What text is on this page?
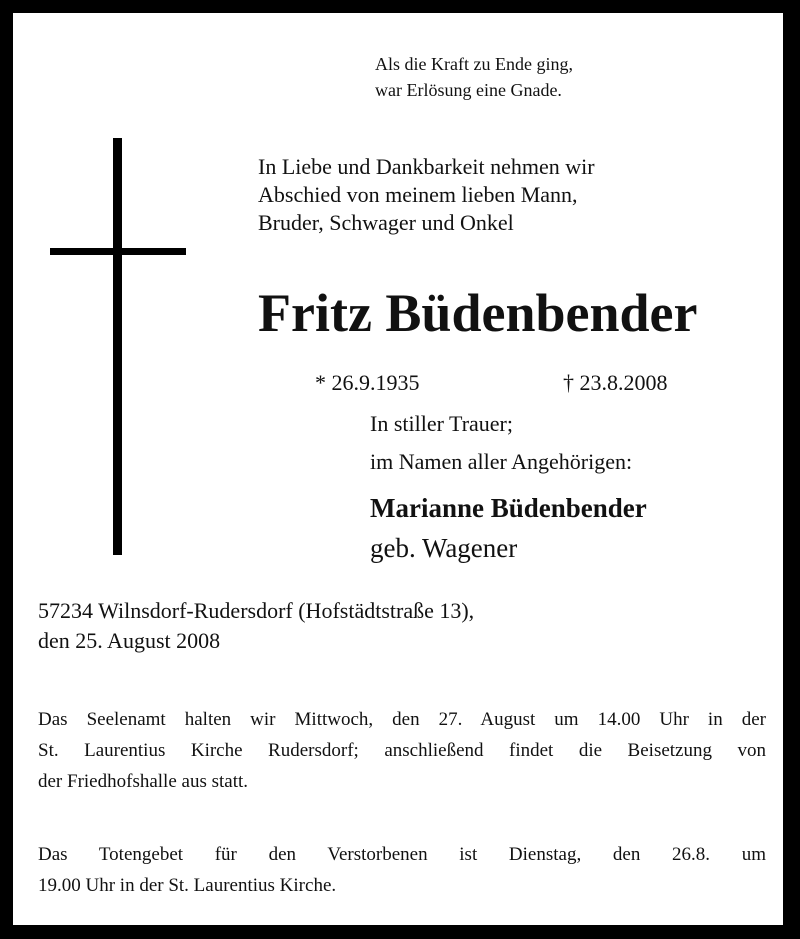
Als die Kraft zu Ende ging,
war Erlösung eine Gnade.
In Liebe und Dankbarkeit nehmen wir
Abschied von meinem lieben Mann,
Bruder, Schwager und Onkel
Fritz Büdenbender
* 26.9.1935	† 23.8.2008
In stiller Trauer;
im Namen aller Angehörigen:
Marianne Büdenbender
geb. Wagener
57234 Wilnsdorf-Rudersdorf (Hofstädtstraße 13),
den 25. August 2008
Das Seelenamt halten wir Mittwoch, den 27. August um 14.00 Uhr in der
St. Laurentius Kirche Rudersdorf; anschließend findet die Beisetzung von
der Friedhofshalle aus statt.
Das Totengebet für den Verstorbenen ist Dienstag, den 26.8. um
19.00 Uhr in der St. Laurentius Kirche.
